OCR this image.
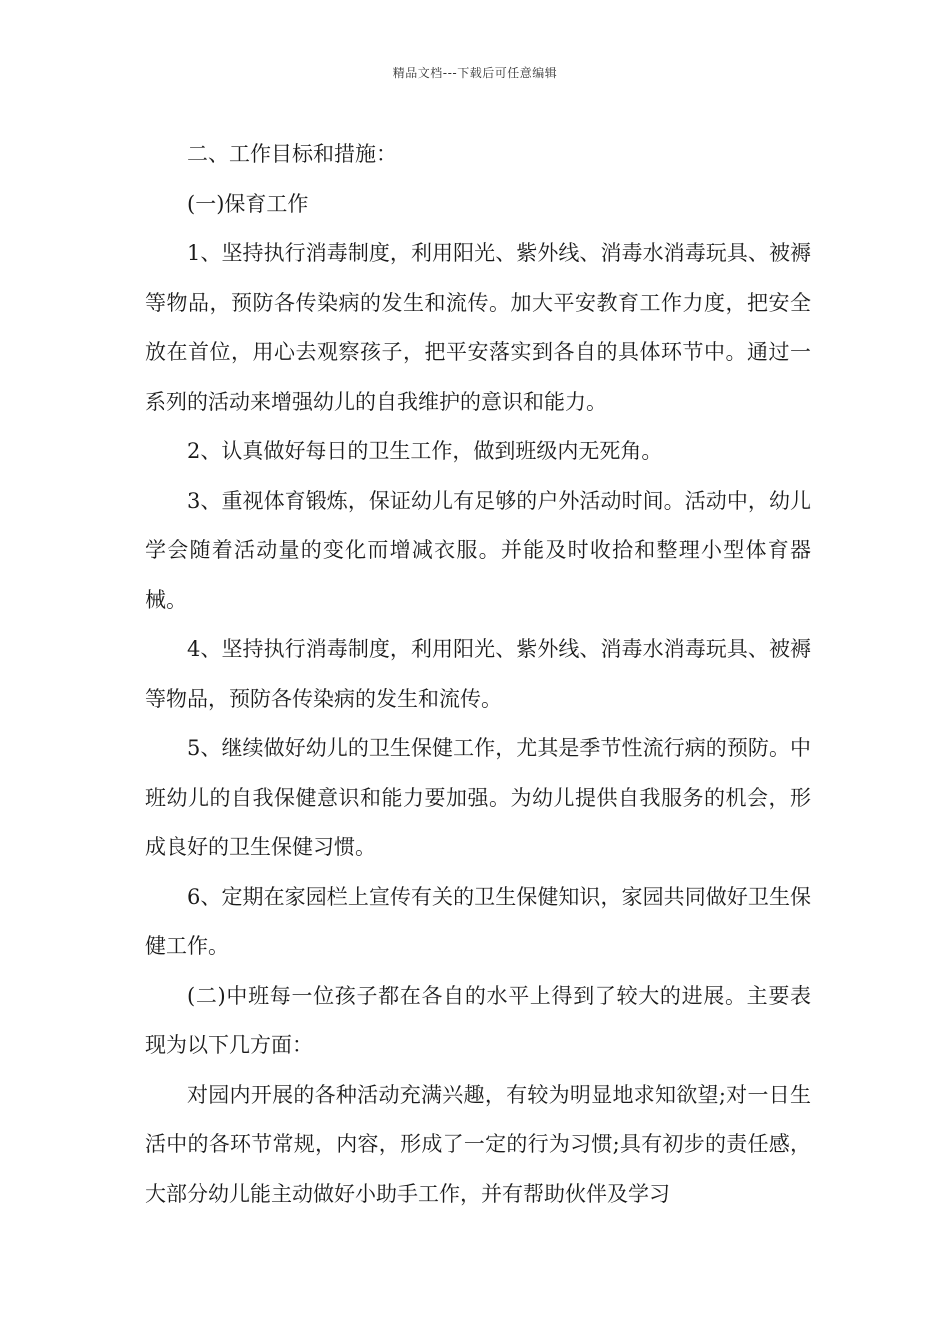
精品文档---下载后可任意编辑

二、工作目标和措施：

(一)保育工作

1、坚持执行消毒制度，利用阳光、紫外线、消毒水消毒玩具、被褥等物品，预防各传染病的发生和流传。加大平安教育工作力度，把安全放在首位，用心去观察孩子，把平安落实到各自的具体环节中。通过一系列的活动来增强幼儿的自我维护的意识和能力。

2、认真做好每日的卫生工作，做到班级内无死角。

3、重视体育锻炼，保证幼儿有足够的户外活动时间。活动中，幼儿学会随着活动量的变化而增减衣服。并能及时收拾和整理小型体育器械。

4、坚持执行消毒制度，利用阳光、紫外线、消毒水消毒玩具、被褥等物品，预防各传染病的发生和流传。

5、继续做好幼儿的卫生保健工作，尤其是季节性流行病的预防。中班幼儿的自我保健意识和能力要加强。为幼儿提供自我服务的机会，形成良好的卫生保健习惯。

6、定期在家园栏上宣传有关的卫生保健知识，家园共同做好卫生保健工作。

(二)中班每一位孩子都在各自的水平上得到了较大的进展。主要表现为以下几方面：

对园内开展的各种活动充满兴趣，有较为明显地求知欲望;对一日生活中的各环节常规，内容，形成了一定的行为习惯;具有初步的责任感，大部分幼儿能主动做好小助手工作，并有帮助伙伴及学习
